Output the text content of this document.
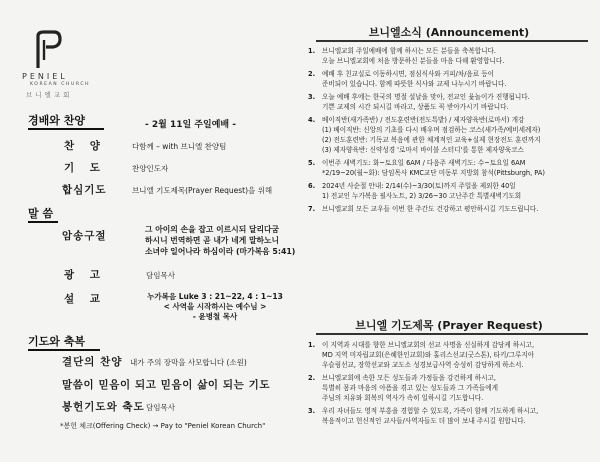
PENIEL
KOREAN CHURCH
브니엘교회
경배와 찬양	- 2월 11일 주일예배 -
찬 양	다함께 – with 브니엘 찬양팀
기 도	찬양인도자
합심기도	브니엘 기도제목(Prayer Request)을 위해
말 씀
암송구절
그 아이의 손을 잡고 이르시되 달리다굼
하시니 번역하면 곧 내가 네게 말하노니
소녀야 일어나라 하심이라 (마가복음 5:41)
광 고	담임목사
설 교	누가복음 Luke 3 : 21~22, 4 : 1~13
< 사역을 시작하시는 예수님 >
- 윤병철 목사
기도와 축복
결단의 찬양 내가 주의 장막을 사모합니다 (소원)
말씀이 믿음이 되고 믿음이 삶이 되는 기도
봉헌기도와 축도 담임목사
*봉헌 체크(Offering Check) → Pay to "Peniel Korean Church"
브니엘소식 (Announcement)
1.	브니엘교회 주일예배에 함께 하시는 모든 분들을 축복합니다.
오늘 브니엘교회에 처음 방문하신 분들을 마음 다해 환영합니다.
2.	예배 후 친교실로 이동하시면, 점심식사와 커피/차/음료 등이
준비되어 있습니다. 함께 따뜻한 식사와 교제 나누시기 바랍니다.
3.	오늘 예배 후에는 한국의 명절 설날을 맞아, 전교인 윷놀이가 진행됩니다.
기쁜 교제의 시간 되시길 바라고, 상품도 꼭 받아가시기 바랍니다.
4.	베이직반(새가족반) / 전도훈련반(전도특밭) / 제자양육반(로마서) 개강
(1) 베이직반: 신앙의 기초를 다시 배우며 점검하는 코스(새가족/예비세례자)
(2) 전도훈련반: 기독교 복음에 관한 체계적인 교육+실제 현장전도 훈련까지
(3) 제자양육반: 신약성경 '로마서 바이블 스터디'를 통한 제자양육코스
5.	이번주 새벽기도: 화~토요일 6AM / 다음주 새벽기도: 수~토요일 6AM
*2/19~20(월~화): 담임목사 KMC교단 미동부 지방회 참석(Pittsburgh, PA)
6.	2024년 사순절 안내: 2/14(수)~3/30(토)까지 주일을 제외한 40일
1) 전교인 누가복음 필사노트, 2) 3/26~30 고난주간 특별새벽기도회
7.	브니엘교회 모든 교우들 이번 한 주간도 건강하고 평안하시길 기도드립니다.
브니엘 기도제목 (Prayer Request)
1.	이 지역과 시대를 향한 브니엘교회의 선교 사명을 신실하게 감당케 하시고,
MD 지역 미자립교회(은혜한인교회)와 홀리스선교(굿스톤), 타키/그루지아
우슬림선교, 장학선교와 교도소 성경보급사역 승성히 감당하게 하소서.
2.	브니엘교회에 속한 모든 성도들과 가정들을 강건하게 하시고,
특별히 몸과 마음의 아픔을 겪고 있는 성도들과 그 가족들에게
주님의 치유와 회복의 역사가 속히 일하시길 기도합니다.
3.	우리 자녀들도 영적 부흥을 경험할 수 있도록, 가족이 함께 기도하게 하시고,
복음적이고 헌신적인 교사들/사역자들도 더 많이 보내 주시길 원합니다.
